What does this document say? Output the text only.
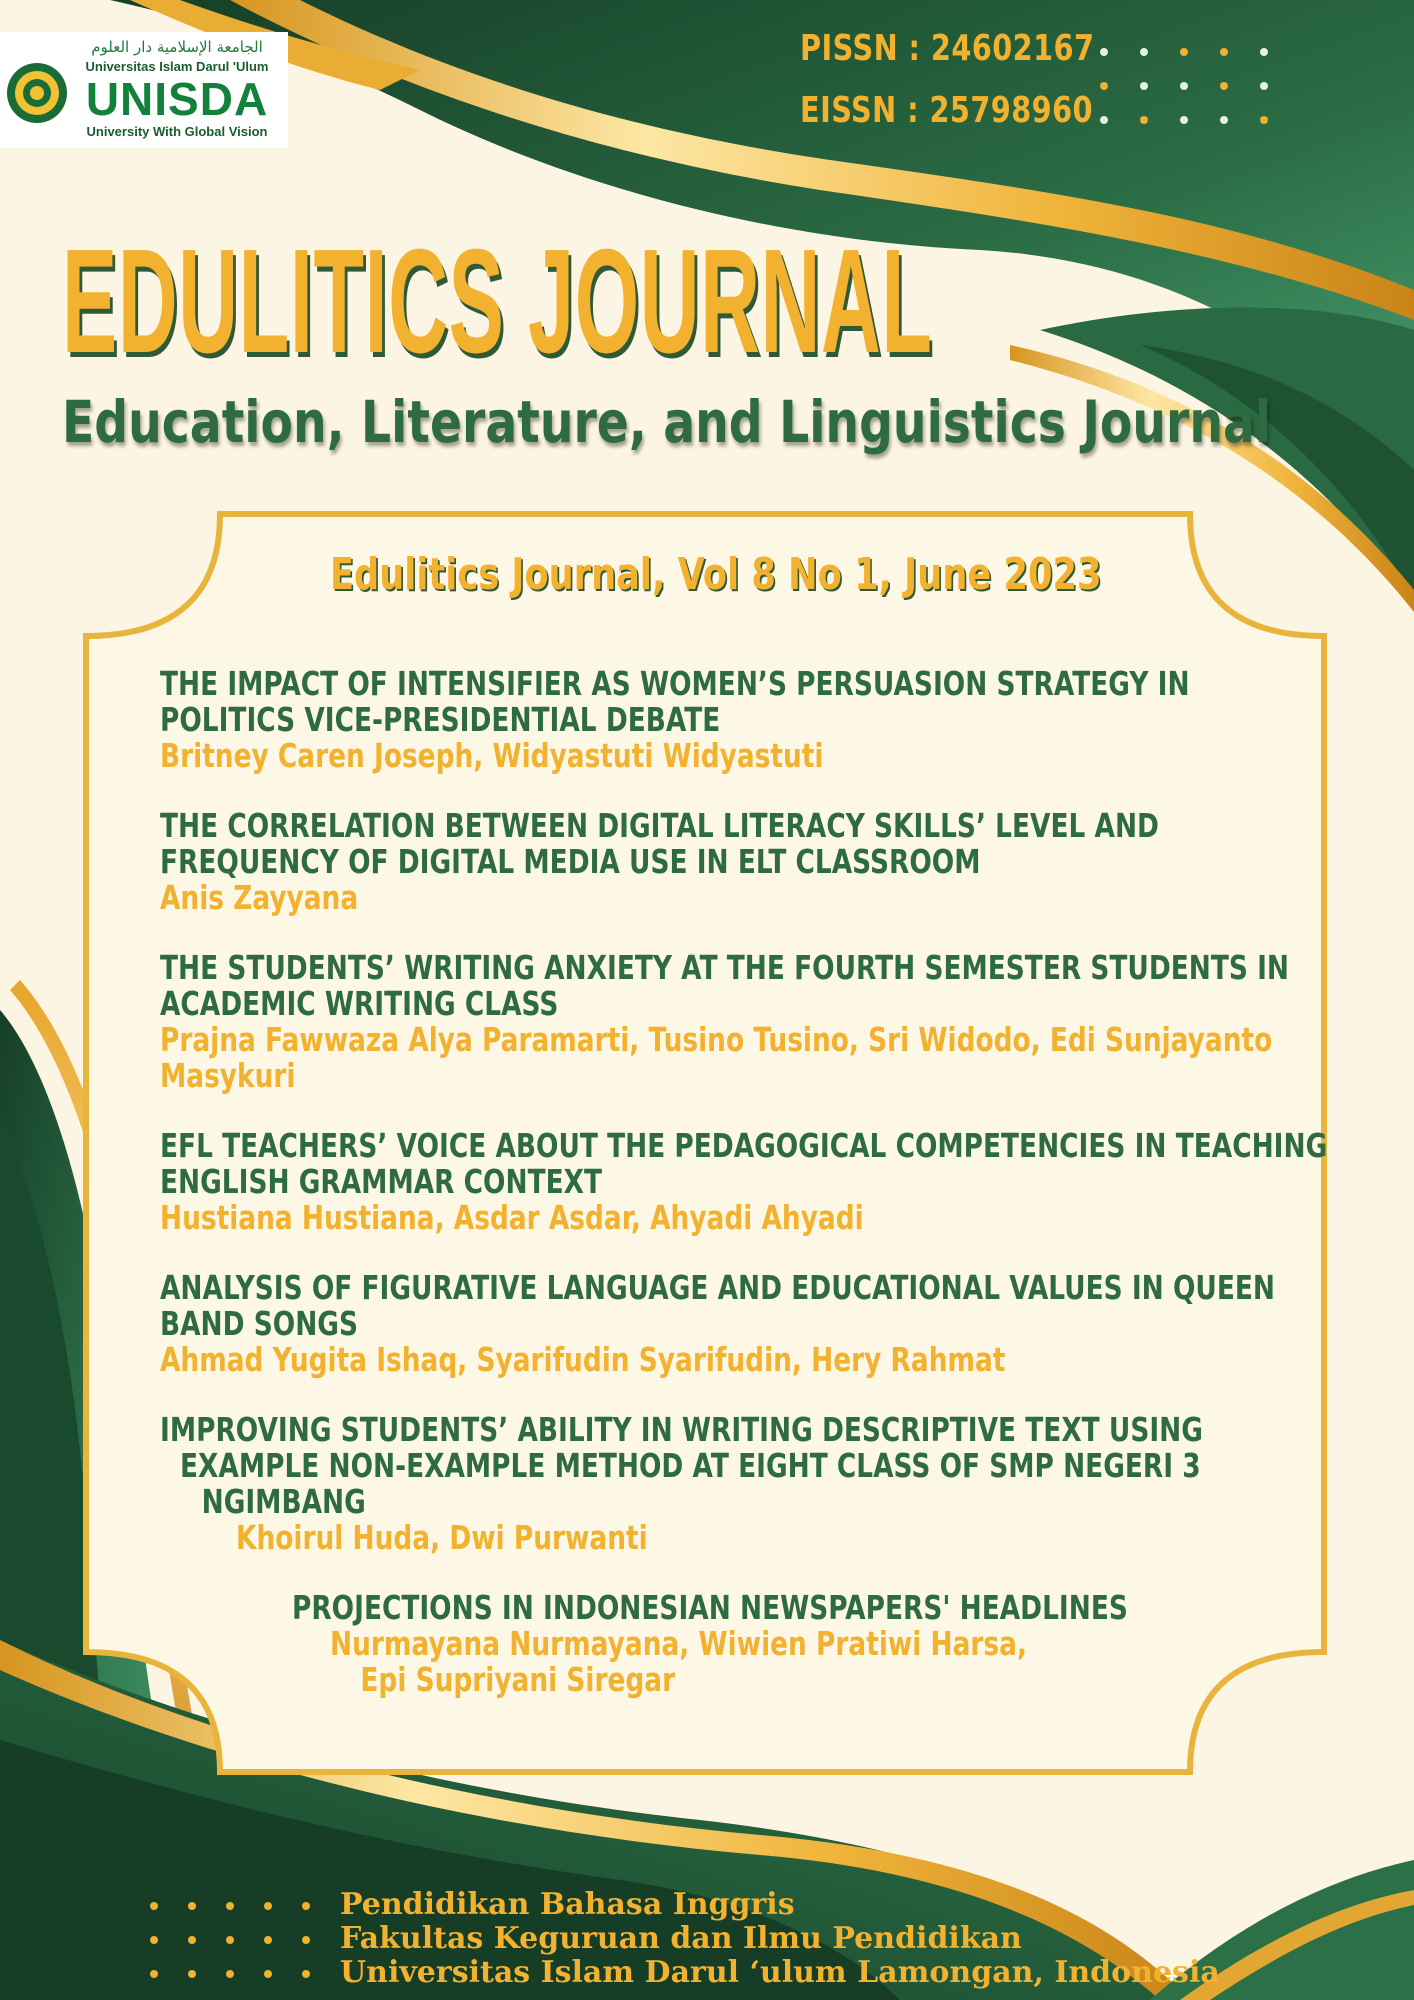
الجامعة الإسلامية دار العلوم
Universitas Islam Darul 'Ulum
UNISDA
University With Global Vision
PISSN : 24602167
EISSN : 25798960
EDULITICS JOURNAL
Education, Literature, and Linguistics Journal
Edulitics Journal, Vol 8 No 1, June 2023
THE IMPACT OF INTENSIFIER AS WOMEN’S PERSUASION STRATEGY IN
POLITICS VICE-PRESIDENTIAL DEBATE
Britney Caren Joseph, Widyastuti Widyastuti
THE CORRELATION BETWEEN DIGITAL LITERACY SKILLS’ LEVEL AND
FREQUENCY OF DIGITAL MEDIA USE IN ELT CLASSROOM
Anis Zayyana
THE STUDENTS’ WRITING ANXIETY AT THE FOURTH SEMESTER STUDENTS IN
ACADEMIC WRITING CLASS
Prajna Fawwaza Alya Paramarti, Tusino Tusino, Sri Widodo, Edi Sunjayanto
Masykuri
EFL TEACHERS’ VOICE ABOUT THE PEDAGOGICAL COMPETENCIES IN TEACHING
ENGLISH GRAMMAR CONTEXT
Hustiana Hustiana, Asdar Asdar, Ahyadi Ahyadi
ANALYSIS OF FIGURATIVE LANGUAGE AND EDUCATIONAL VALUES IN QUEEN
BAND SONGS
Ahmad Yugita Ishaq, Syarifudin Syarifudin, Hery Rahmat
IMPROVING STUDENTS’ ABILITY IN WRITING DESCRIPTIVE TEXT USING
EXAMPLE NON-EXAMPLE METHOD AT EIGHT CLASS OF SMP NEGERI 3
NGIMBANG
Khoirul Huda, Dwi Purwanti
PROJECTIONS IN INDONESIAN NEWSPAPERS' HEADLINES
Nurmayana Nurmayana, Wiwien Pratiwi Harsa,
Epi Supriyani Siregar
Pendidikan Bahasa Inggris
Fakultas Keguruan dan Ilmu Pendidikan
Universitas Islam Darul ‘ulum Lamongan, Indonesia
